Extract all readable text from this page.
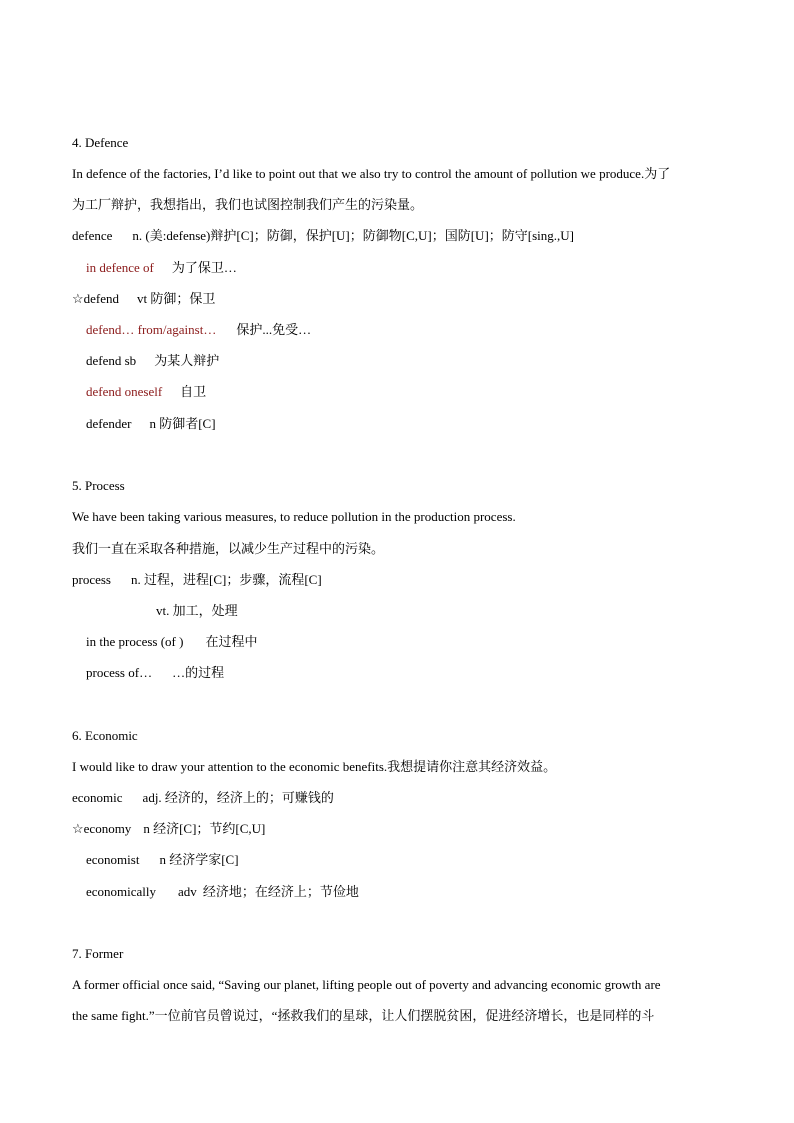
4. Defence
In defence of the factories, I’d like to point out that we also try to control the amount of pollution we produce.为了
为工厂辩护，我想指出，我们也试图控制我们产生的污染量。
defence n. (美:defense)辩护[C]；防御，保护[U]；防御物[C,U]；国防[U]；防守[sing.,U]
in defence of 为了保卫…
☆defend vt 防御；保卫
defend… from/against… 保护...免受…
defend sb 为某人辩护
defend oneself 自卫
defender n 防御者[C]
5. Process
We have been taking various measures, to reduce pollution in the production process.
我们一直在采取各种措施，以减少生产过程中的污染。
process n. 过程，进程[C]；步骤，流程[C]
vt. 加工，处理
in the process (of ) 在过程中
process of… …的过程
6. Economic
I would like to draw your attention to the economic benefits.我想提请你注意其经济效益。
economic adj. 经济的，经济上的；可赚钱的
☆economy n 经济[C]；节约[C,U]
economist n 经济学家[C]
economically adv 经济地；在经济上；节俭地
7. Former
A former official once said, “Saving our planet, lifting people out of poverty and advancing economic growth are
the same fight.”一位前官员曾说过，“拯救我们的星球，让人们摆脱贫困，促进经济增长，也是同样的斗
